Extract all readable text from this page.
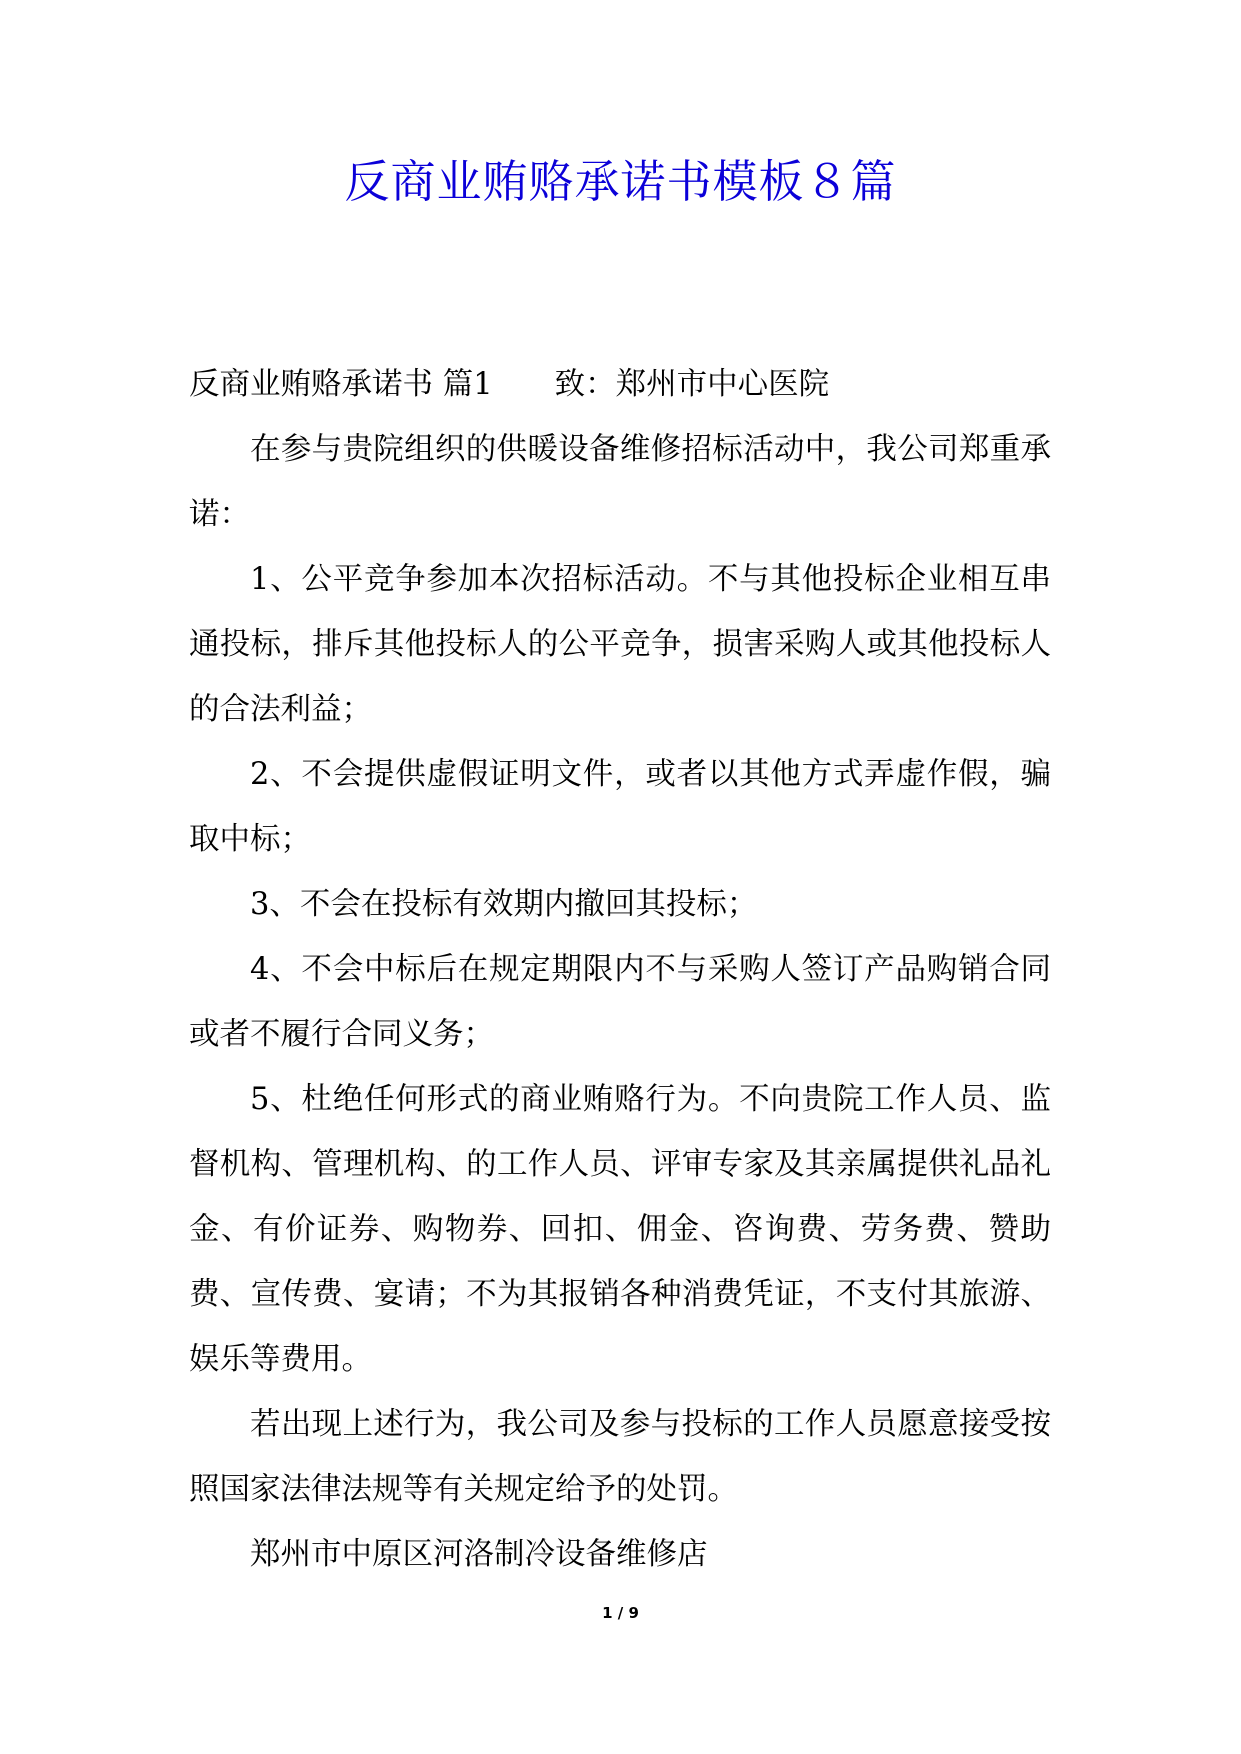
反商业贿赂承诺书模板８篇

反商业贿赂承诺书 篇1 致：郑州市中心医院

在参与贵院组织的供暖设备维修招标活动中，我公司郑重承诺：

1、公平竞争参加本次招标活动。不与其他投标企业相互串通投标，排斥其他投标人的公平竞争，损害采购人或其他投标人的合法利益；

2、不会提供虚假证明文件，或者以其他方式弄虚作假，骗取中标；

3、不会在投标有效期内撤回其投标；

4、不会中标后在规定期限内不与采购人签订产品购销合同或者不履行合同义务；

5、杜绝任何形式的商业贿赂行为。不向贵院工作人员、监督机构、管理机构、的工作人员、评审专家及其亲属提供礼品礼金、有价证券、购物券、回扣、佣金、咨询费、劳务费、赞助费、宣传费、宴请；不为其报销各种消费凭证，不支付其旅游、娱乐等费用。

若出现上述行为，我公司及参与投标的工作人员愿意接受按照国家法律法规等有关规定给予的处罚。

郑州市中原区河洛制冷设备维修店

1 / 9
